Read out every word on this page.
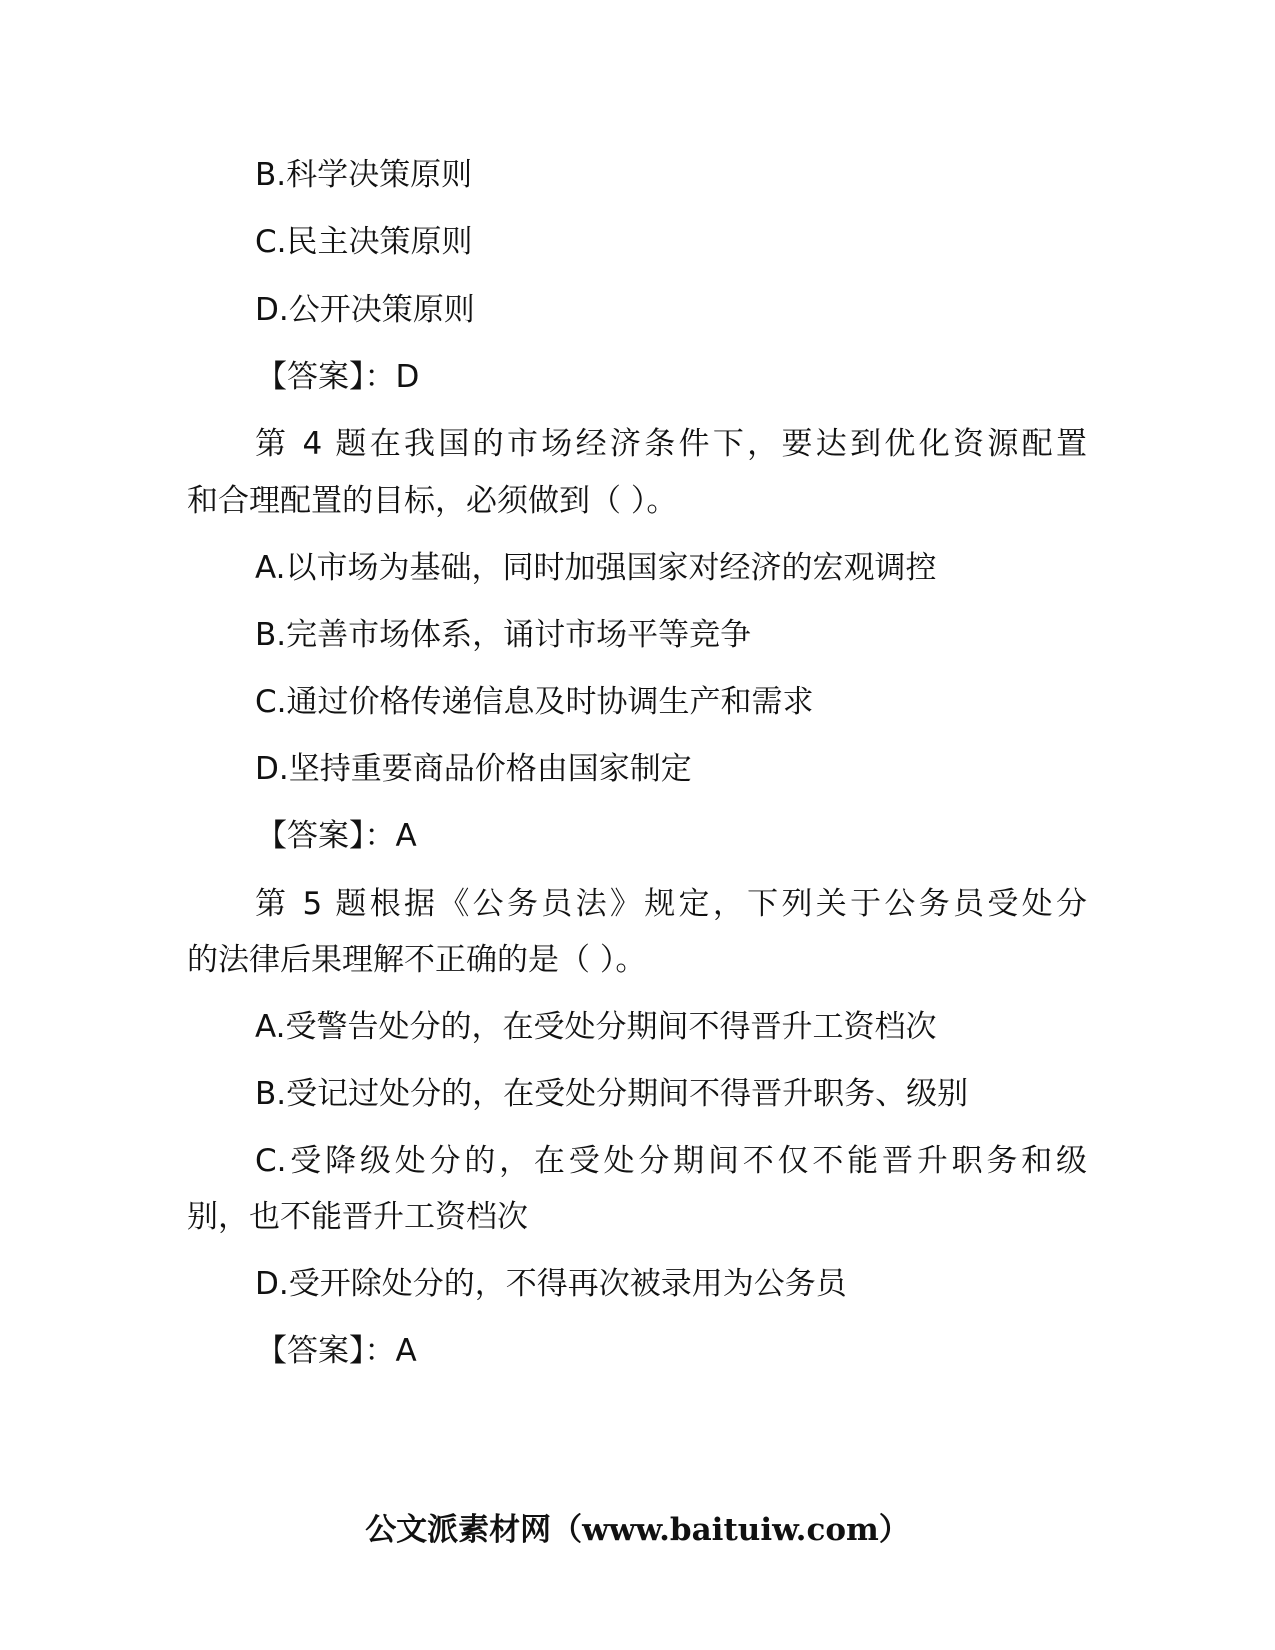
B.科学决策原则
C.民主决策原则
D.公开决策原则
【答案】：D
第 4 题在我国的市场经济条件下，要达到优化资源配置
和合理配置的目标，必须做到（ ）。
A.以市场为基础，同时加强国家对经济的宏观调控
B.完善市场体系，诵讨市场平等竞争
C.通过价格传递信息及时协调生产和需求
D.坚持重要商品价格由国家制定
【答案】：A
第 5 题根据《公务员法》规定，下列关于公务员受处分
的法律后果理解不正确的是（ ）。
A.受警告处分的，在受处分期间不得晋升工资档次
B.受记过处分的，在受处分期间不得晋升职务、级别
C.受降级处分的，在受处分期间不仅不能晋升职务和级
别，也不能晋升工资档次
D.受开除处分的，不得再次被录用为公务员
【答案】：A
公文派素材网（www.baituiw.com）
